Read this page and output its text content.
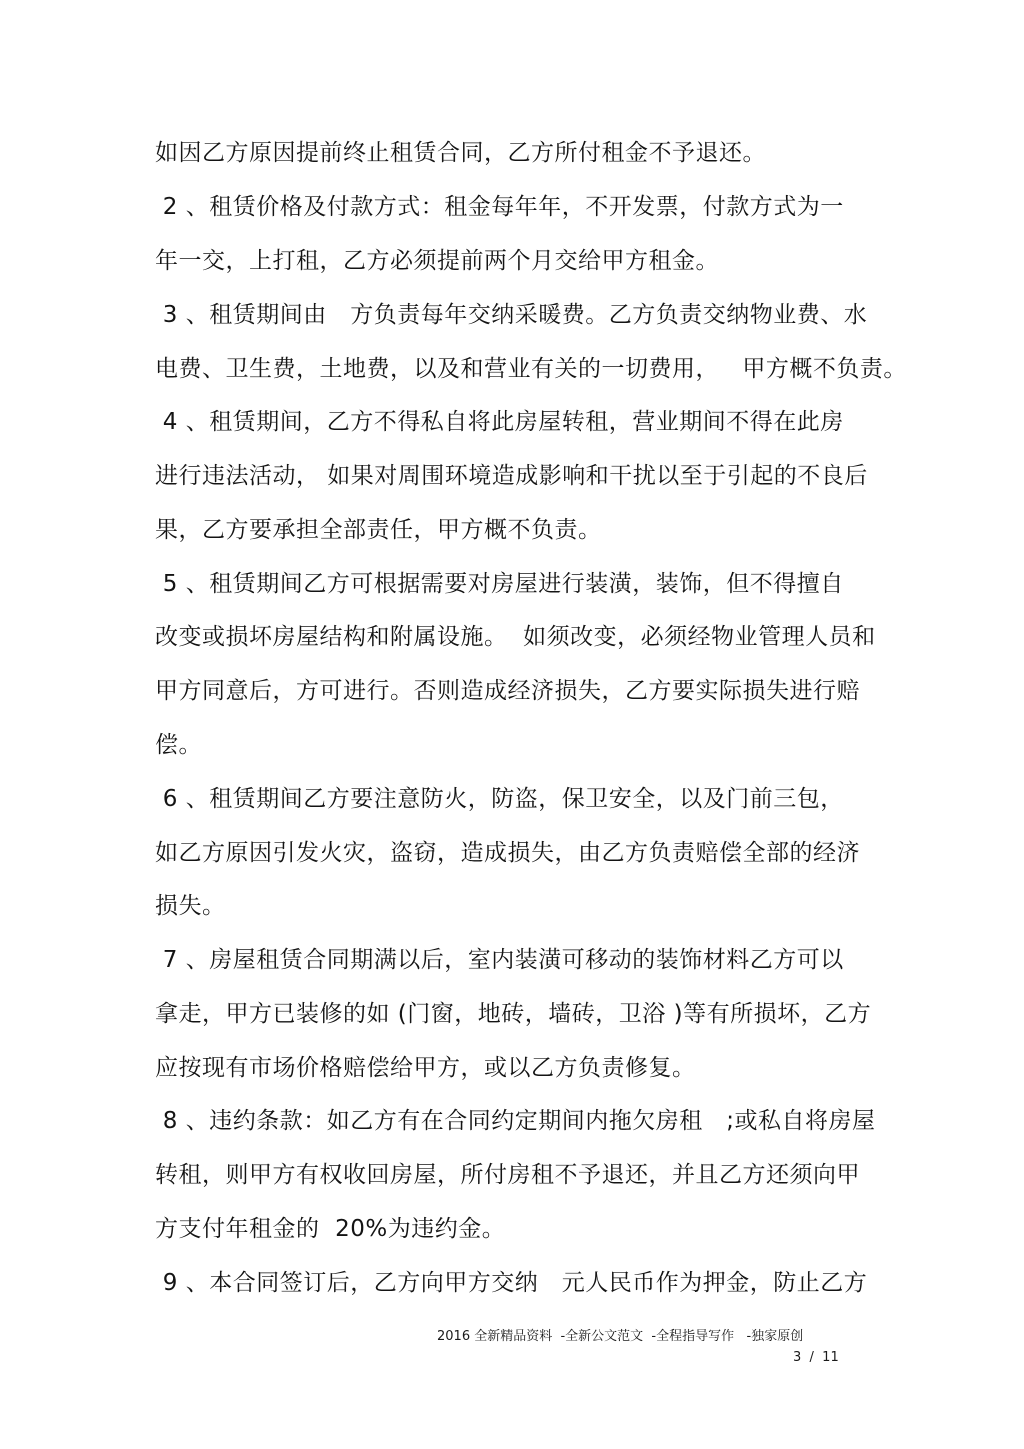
如因乙方原因提前终止租赁合同，乙方所付租金不予退还。
2 、租赁价格及付款方式：租金每年年，不开发票，付款方式为一
年一交，上打租，乙方必须提前两个月交给甲方租金。
3 、租赁期间由   方负责每年交纳采暖费。乙方负责交纳物业费、水
电费、卫生费，土地费，以及和营业有关的一切费用，   甲方概不负责。
4 、租赁期间，乙方不得私自将此房屋转租，营业期间不得在此房
进行违法活动， 如果对周围环境造成影响和干扰以至于引起的不良后
果，乙方要承担全部责任，甲方概不负责。
5 、租赁期间乙方可根据需要对房屋进行装潢，装饰，但不得擅自
改变或损坏房屋结构和附属设施。  如须改变，必须经物业管理人员和
甲方同意后，方可进行。否则造成经济损失，乙方要实际损失进行赔
偿。
6 、租赁期间乙方要注意防火，防盗，保卫安全，以及门前三包，
如乙方原因引发火灾，盗窃，造成损失，由乙方负责赔偿全部的经济
损失。
7 、房屋租赁合同期满以后，室内装潢可移动的装饰材料乙方可以
拿走，甲方已装修的如 (门窗，地砖，墙砖，卫浴 )等有所损坏，乙方
应按现有市场价格赔偿给甲方，或以乙方负责修复。
8 、违约条款：如乙方有在合同约定期间内拖欠房租   ;或私自将房屋
转租，则甲方有权收回房屋，所付房租不予退还，并且乙方还须向甲
方支付年租金的  20%为违约金。
9 、本合同签订后，乙方向甲方交纳   元人民币作为押金，防止乙方
2016 全新精品资料  -全新公文范文  -全程指导写作   -独家原创
3  /  11
